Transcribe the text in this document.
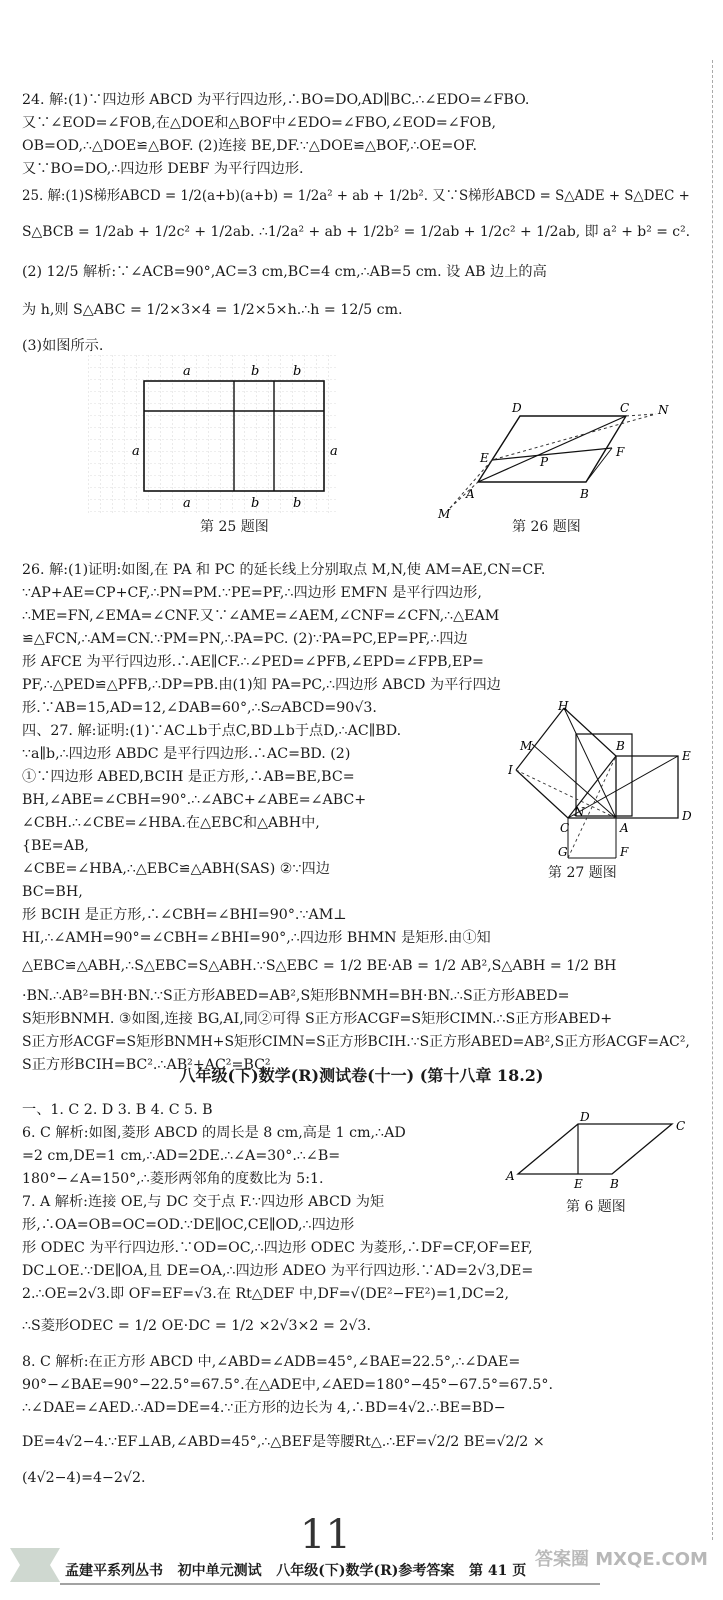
24. 解:(1)∵四边形 ABCD 为平行四边形,∴BO=DO,AD∥BC.∴∠EDO=∠FBO.
又∵∠EOD=∠FOB,在△DOE和△BOF中∠EDO=∠FBO,∠EOD=∠FOB,
OB=OD,∴△DOE≌△BOF. (2)连接 BE,DF.∵△DOE≌△BOF,∴OE=OF.
又∵BO=DO,∴四边形 DEBF 为平行四边形.
25. 解:(1)S梯形ABCD = 1/2(a+b)(a+b) = 1/2a² + ab + 1/2b². 又∵S梯形ABCD = S△ADE + S△DEC +
S△BCB = 1/2ab + 1/2c² + 1/2ab. ∴1/2a² + ab + 1/2b² = 1/2ab + 1/2c² + 1/2ab, 即 a² + b² = c².
(2) 12/5 解析:∵∠ACB=90°,AC=3 cm,BC=4 cm,∴AB=5 cm. 设 AB 边上的高
为 h,则 S△ABC = 1/2×3×4 = 1/2×5×h.∴h = 12/5 cm.
(3)如图所示.
26. 解:(1)证明:如图,在 PA 和 PC 的延长线上分别取点 M,N,使 AM=AE,CN=CF.
∵AP+AE=CP+CF,∴PN=PM.∵PE=PF,∴四边形 EMFN 是平行四边形,
∴ME=FN,∠EMA=∠CNF.又∵∠AME=∠AEM,∠CNF=∠CFN,∴△EAM
≌△FCN,∴AM=CN.∵PM=PN,∴PA=PC. (2)∵PA=PC,EP=PF,∴四边
形 AFCE 为平行四边形.∴AE∥CF.∴∠PED=∠PFB,∠EPD=∠FPB,EP=
PF,∴△PED≌△PFB,∴DP=PB.由(1)知 PA=PC,∴四边形 ABCD 为平行四边
形.∵AB=15,AD=12,∠DAB=60°,∴S▱ABCD=90√3.
四、27. 解:证明:(1)∵AC⊥b于点C,BD⊥b于点D,∴AC∥BD.
∵a∥b,∴四边形 ABDC 是平行四边形.∴AC=BD. (2)
①∵四边形 ABED,BCIH 是正方形,∴AB=BE,BC=
BH,∠ABE=∠CBH=90°.∴∠ABC+∠ABE=∠ABC+
∠CBH.∴∠CBE=∠HBA.在△EBC和△ABH中,
{BE=AB,
∠CBE=∠HBA,∴△EBC≌△ABH(SAS) ②∵四边
BC=BH,
形 BCIH 是正方形,∴∠CBH=∠BHI=90°.∵AM⊥
HI,∴∠AMH=90°=∠CBH=∠BHI=90°,∴四边形 BHMN 是矩形.由①知
△EBC≌△ABH,∴S△EBC=S△ABH.∵S△EBC = 1/2 BE·AB = 1/2 AB²,S△ABH = 1/2 BH
·BN.∴AB²=BH·BN.∵S正方形ABED=AB²,S矩形BNMH=BH·BN.∴S正方形ABED=
S矩形BNMH. ③如图,连接 BG,AI,同②可得 S正方形ACGF=S矩形CIMN.∴S正方形ABED+
S正方形ACGF=S矩形BNMH+S矩形CIMN=S正方形BCIH.∵S正方形ABED=AB²,S正方形ACGF=AC²,
S正方形BCIH=BC².∴AB²+AC²=BC².
一、1. C 2. D 3. B 4. C 5. B
6. C 解析:如图,菱形 ABCD 的周长是 8 cm,高是 1 cm,∴AD
=2 cm,DE=1 cm,∴AD=2DE.∴∠A=30°.∴∠B=
180°−∠A=150°,∴菱形两邻角的度数比为 5:1.
7. A 解析:连接 OE,与 DC 交于点 F.∵四边形 ABCD 为矩
形,∴OA=OB=OC=OD.∵DE∥OC,CE∥OD,∴四边形
形 ODEC 为平行四边形.∵OD=OC,∴四边形 ODEC 为菱形,∴DF=CF,OF=EF,
DC⊥OE.∵DE∥OA,且 DE=OA,∴四边形 ADEO 为平行四边形.∵AD=2√3,DE=
2.∴OE=2√3.即 OF=EF=√3.在 Rt△DEF 中,DF=√(DE²−FE²)=1,DC=2,
∴S菱形ODEC = 1/2 OE·DC = 1/2 ×2√3×2 = 2√3.
8. C 解析:在正方形 ABCD 中,∠ABD=∠ADB=45°,∠BAE=22.5°,∴∠DAE=
90°−∠BAE=90°−22.5°=67.5°.在△ADE中,∠AED=180°−45°−67.5°=67.5°.
∴∠DAE=∠AED.∴AD=DE=4.∵正方形的边长为 4,∴BD=4√2.∴BE=BD−
DE=4√2−4.∵EF⊥AB,∠ABD=45°,∴△BEF是等腰Rt△.∴EF=√2/2 BE=√2/2 ×
(4√2−4)=4−2√2.
a	b	b
a	b	b
a	a
第 25 题图
D	C N
E	P
F
A	B
M
第 26 题图
H
M
I
B
E
N
C	A
D
G	F
第 27 题图
八年级(下)数学(R)测试卷(十一) (第十八章 18.2)
D
C
A
E B
第 6 题图
孟建平系列丛书 初中单元测试 八年级(下)数学(R)参考答案 第 41 页
11
答案圈 MXQE.COM
